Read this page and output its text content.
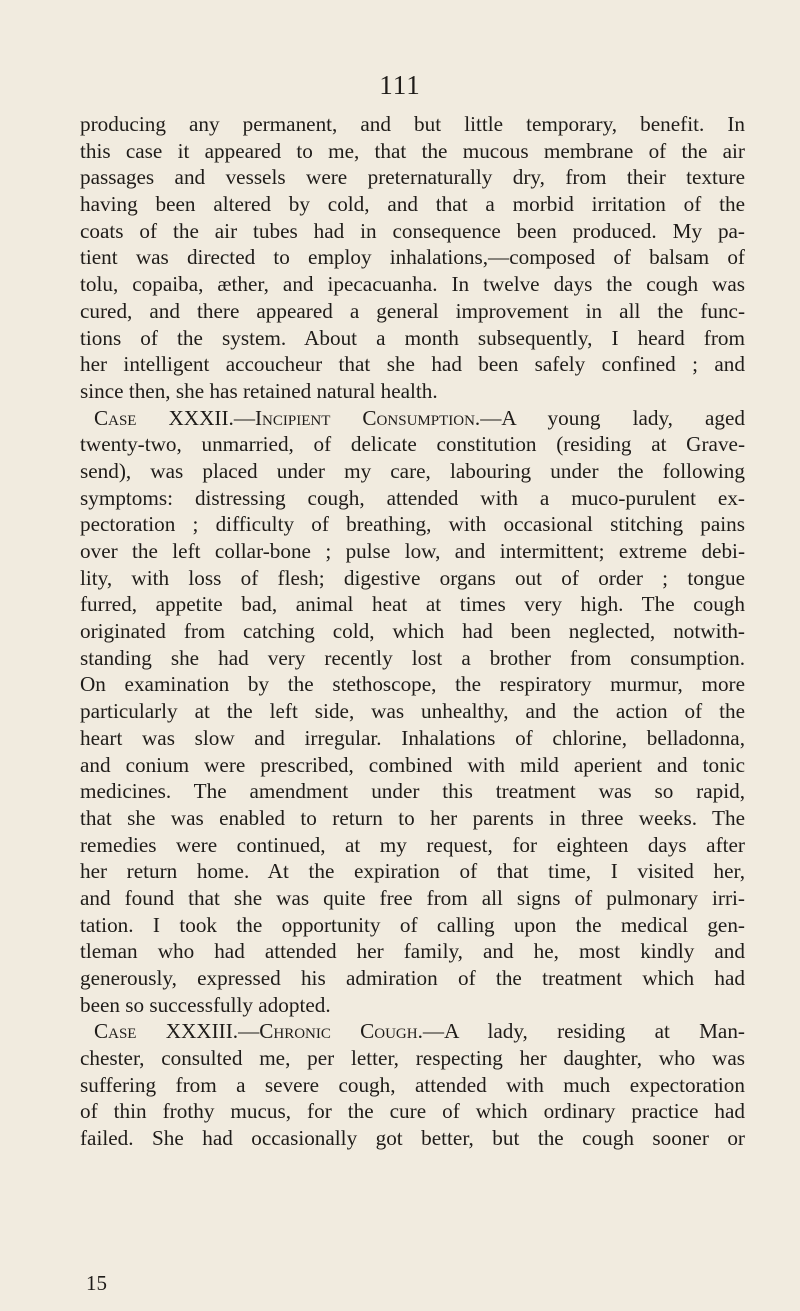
111
producing any permanent, and but little temporary, benefit. In
this case it appeared to me, that the mucous membrane of the air
passages and vessels were preternaturally dry, from their texture
having been altered by cold, and that a morbid irritation of the
coats of the air tubes had in consequence been produced. My pa-
tient was directed to employ inhalations,—composed of balsam of
tolu, copaiba, æther, and ipecacuanha. In twelve days the cough was
cured, and there appeared a general improvement in all the func-
tions of the system. About a month subsequently, I heard from
her intelligent accoucheur that she had been safely confined ; and
since then, she has retained natural health.
Case XXXII.—Incipient Consumption.—A young lady, aged
twenty-two, unmarried, of delicate constitution (residing at Grave-
send), was placed under my care, labouring under the following
symptoms: distressing cough, attended with a muco-purulent ex-
pectoration ; difficulty of breathing, with occasional stitching pains
over the left collar-bone ; pulse low, and intermittent; extreme debi-
lity, with loss of flesh; digestive organs out of order ; tongue
furred, appetite bad, animal heat at times very high. The cough
originated from catching cold, which had been neglected, notwith-
standing she had very recently lost a brother from consumption.
On examination by the stethoscope, the respiratory murmur, more
particularly at the left side, was unhealthy, and the action of the
heart was slow and irregular. Inhalations of chlorine, belladonna,
and conium were prescribed, combined with mild aperient and tonic
medicines. The amendment under this treatment was so rapid,
that she was enabled to return to her parents in three weeks. The
remedies were continued, at my request, for eighteen days after
her return home. At the expiration of that time, I visited her,
and found that she was quite free from all signs of pulmonary irri-
tation. I took the opportunity of calling upon the medical gen-
tleman who had attended her family, and he, most kindly and
generously, expressed his admiration of the treatment which had
been so successfully adopted.
Case XXXIII.—Chronic Cough.—A lady, residing at Man-
chester, consulted me, per letter, respecting her daughter, who was
suffering from a severe cough, attended with much expectoration
of thin frothy mucus, for the cure of which ordinary practice had
failed. She had occasionally got better, but the cough sooner or
15
